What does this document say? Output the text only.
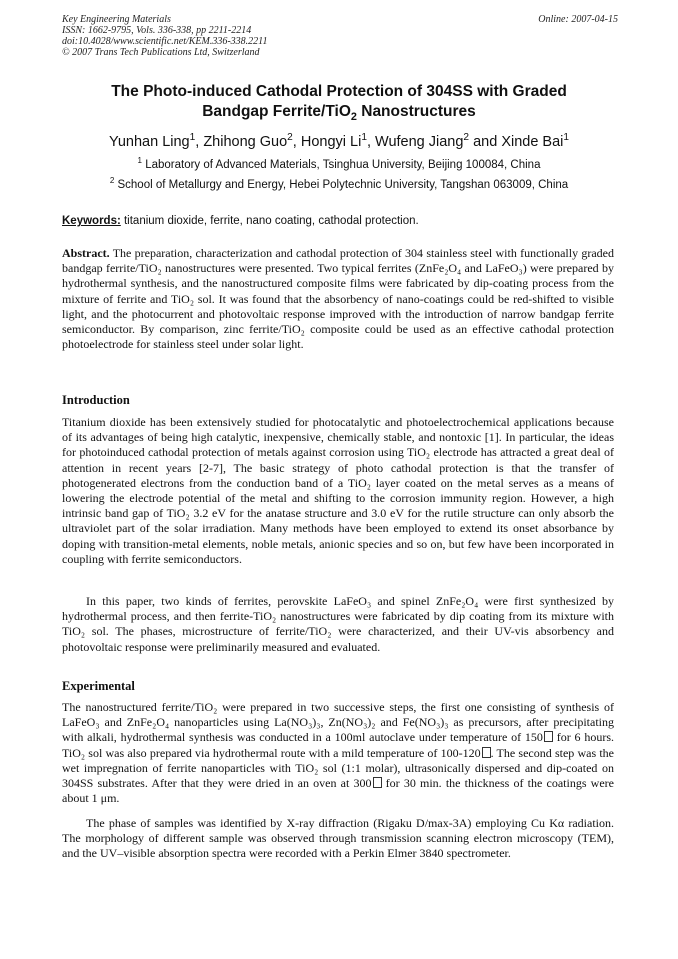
Key Engineering Materials
ISSN: 1662-9795, Vols. 336-338, pp 2211-2214
doi:10.4028/www.scientific.net/KEM.336-338.2211
© 2007 Trans Tech Publications Ltd, Switzerland
Online: 2007-04-15
The Photo-induced Cathodal Protection of 304SS with Graded
Bandgap Ferrite/TiO$_2$ Nanostructures
Yunhan Ling$^1$, Zhihong Guo$^2$, Hongyi Li$^1$, Wufeng Jiang$^2$ and Xinde Bai$^1$
$^1$ Laboratory of Advanced Materials, Tsinghua University, Beijing 100084, China
$^2$ School of Metallurgy and Energy, Hebei Polytechnic University, Tangshan 063009, China
Keywords: titanium dioxide, ferrite, nano coating, cathodal protection.
Abstract. The preparation, characterization and cathodal protection of 304 stainless steel with functionally graded bandgap ferrite/TiO₂ nanostructures were presented. Two typical ferrites (ZnFe₂O₄ and LaFeO₃) were prepared by hydrothermal synthesis, and the nanostructured composite films were fabricated by dip-coating process from the mixture of ferrite and TiO₂ sol. It was found that the absorbency of nano-coatings could be red-shifted to visible light, and the photocurrent and photovoltaic response improved with the introduction of narrow bandgap ferrite semiconductor. By comparison, zinc ferrite/TiO₂ composite could be used as an effective cathodal protection photoelectrode for stainless steel under solar light.
Introduction
Titanium dioxide has been extensively studied for photocatalytic and photoelectrochemical applications because of its advantages of being high catalytic, inexpensive, chemically stable, and nontoxic [1]. In particular, the ideas for photoinduced cathodal protection of metals against corrosion using TiO₂ electrode has attracted a great deal of attention in recent years [2-7], The basic strategy of photo cathodal protection is that the transfer of photogenerated electrons from the conduction band of a TiO₂ layer coated on the metal serves as a means of lowering the electrode potential of the metal and shifting to the corrosion immunity region. However, a high intrinsic band gap of TiO₂ 3.2 eV for the anatase structure and 3.0 eV for the rutile structure can only absorb the ultraviolet part of the solar irradiation. Many methods have been employed to extend its onset absorbance by doping with transition-metal elements, noble metals, anionic species and so on, but few have been incorporated in coupling with ferrite semiconductors.
In this paper, two kinds of ferrites, perovskite LaFeO₃ and spinel ZnFe₂O₄ were first synthesized by hydrothermal process, and then ferrite-TiO₂ nanostructures were fabricated by dip coating from its mixture with TiO₂ sol. The phases, microstructure of ferrite/TiO₂ were characterized, and their UV-vis absorbency and photovoltaic response were preliminarily measured and evaluated.
Experimental
The nanostructured ferrite/TiO₂ were prepared in two successive steps, the first one consisting of synthesis of LaFeO₃ and ZnFe₂O₄ nanoparticles using La(NO₃)₃, Zn(NO₃)₂ and Fe(NO₃)₃ as precursors, after precipitating with alkali, hydrothermal synthesis was conducted in a 100ml autoclave under temperature of 150 for 6 hours. TiO₂ sol was also prepared via hydrothermal route with a mild temperature of 100-120 . The second step was the wet impregnation of ferrite nanoparticles with TiO₂ sol (1:1 molar), ultrasonically dispersed and dip-coated on 304SS substrates. After that they were dried in an oven at 300 for 30 min. the thickness of the coatings were about 1 μm.
The phase of samples was identified by X-ray diffraction (Rigaku D/max-3A) employing Cu Kα radiation. The morphology of different sample was observed through transmission scanning electron microscopy (TEM), and the UV–visible absorption spectra were recorded with a Perkin Elmer 3840 spectrometer.
